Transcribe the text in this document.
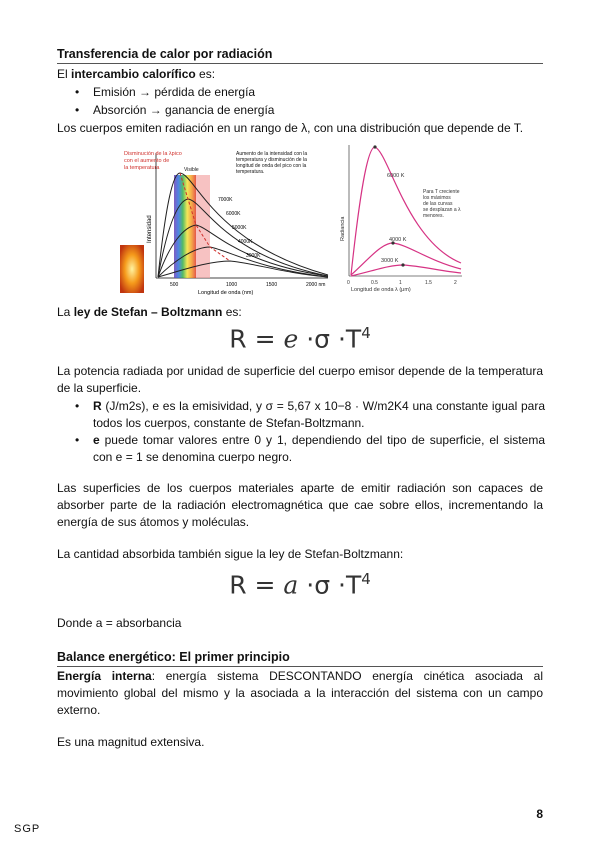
Transferencia de calor por radiación
El intercambio calorífico es:
• Emisión → pérdida de energía
• Absorción → ganancia de energía
Los cuerpos emiten radiación en un rango de λ, con una distribución que depende de T.
Disminución de la λpico con el aumento de la temperatura	Visible
Aumento de la intensidad con la temperatura y disminución de la longitud de onda del pico con la temperatura.
7000K
6000K
5000K
4000K
3000K
Intensidad
500	1000	1500	2000 nm
Longitud de onda (nm)
6000 K
4000 K
3000 K
Para T creciente los máximos de las curvas se desplazan a λ menores.
Radiancia
0	0.5	1	1.5	2
Longitud de onda λ (μm)
La ley de Stefan – Boltzmann es:
$R = e \cdot\sigma \cdot T^4$
La potencia radiada por unidad de superficie del cuerpo emisor depende de la temperatura de la superficie.
• R (J/m2s), e es la emisividad, y σ = 5,67 x 10−8 · W/m2K4 una constante igual para todos los cuerpos, constante de Stefan-Boltzmann.
• e puede tomar valores entre 0 y 1, dependiendo del tipo de superficie, el sistema con e = 1 se denomina cuerpo negro.
Las superficies de los cuerpos materiales aparte de emitir radiación son capaces de absorber parte de la radiación electromagnética que cae sobre ellos, incrementando la energía de sus átomos y moléculas.
La cantidad absorbida también sigue la ley de Stefan-Boltzmann:
$R = a \cdot\sigma \cdot T^4$
Donde a = absorbancia
Balance energético: El primer principio
Energía interna: energía sistema DESCONTANDO energía cinética asociada al movimiento global del mismo y la asociada a la interacción del sistema con un campo externo.
Es una magnitud extensiva.
8
SGP
